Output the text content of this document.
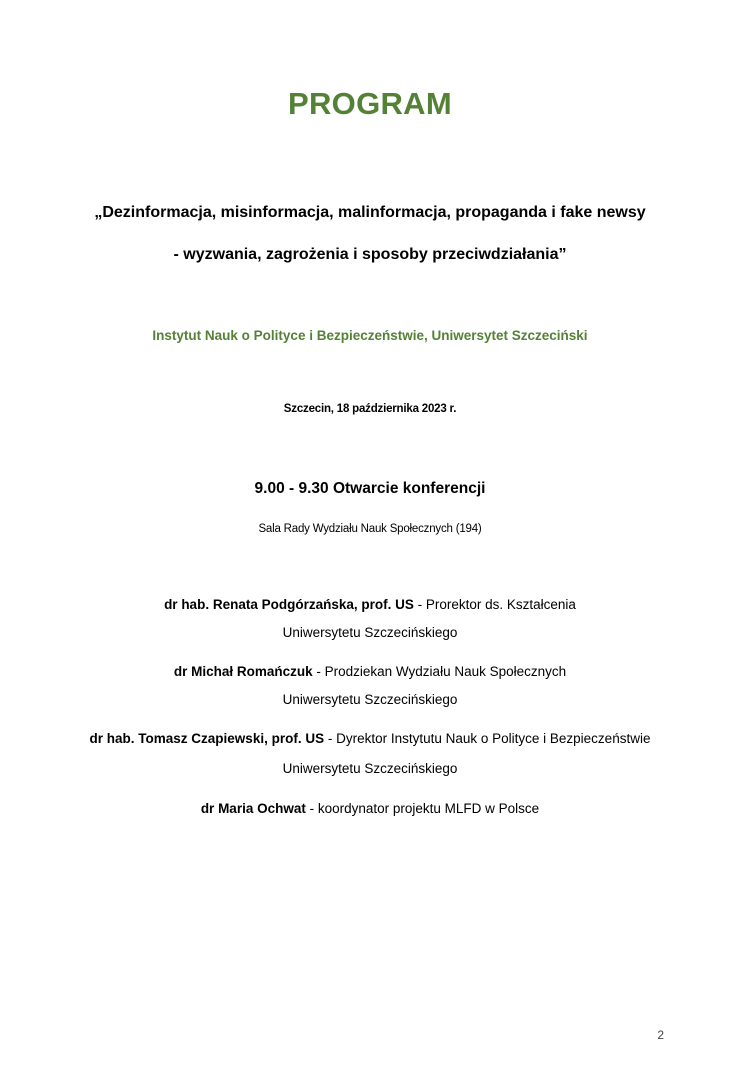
PROGRAM
„Dezinformacja, misinformacja, malinformacja, propaganda i fake newsy
- wyzwania, zagrożenia i sposoby przeciwdziałania”
Instytut Nauk o Polityce i Bezpieczeństwie, Uniwersytet Szczeciński
Szczecin, 18 października 2023 r.
9.00 - 9.30 Otwarcie konferencji
Sala Rady Wydziału Nauk Społecznych (194)
dr hab. Renata Podgórzańska, prof. US - Prorektor ds. Kształcenia
Uniwersytetu Szczecińskiego
dr Michał Romańczuk - Prodziekan Wydziału Nauk Społecznych
Uniwersytetu Szczecińskiego
dr hab. Tomasz Czapiewski, prof. US - Dyrektor Instytutu Nauk o Polityce i Bezpieczeństwie
Uniwersytetu Szczecińskiego
dr Maria Ochwat - koordynator projektu MLFD w Polsce
2
